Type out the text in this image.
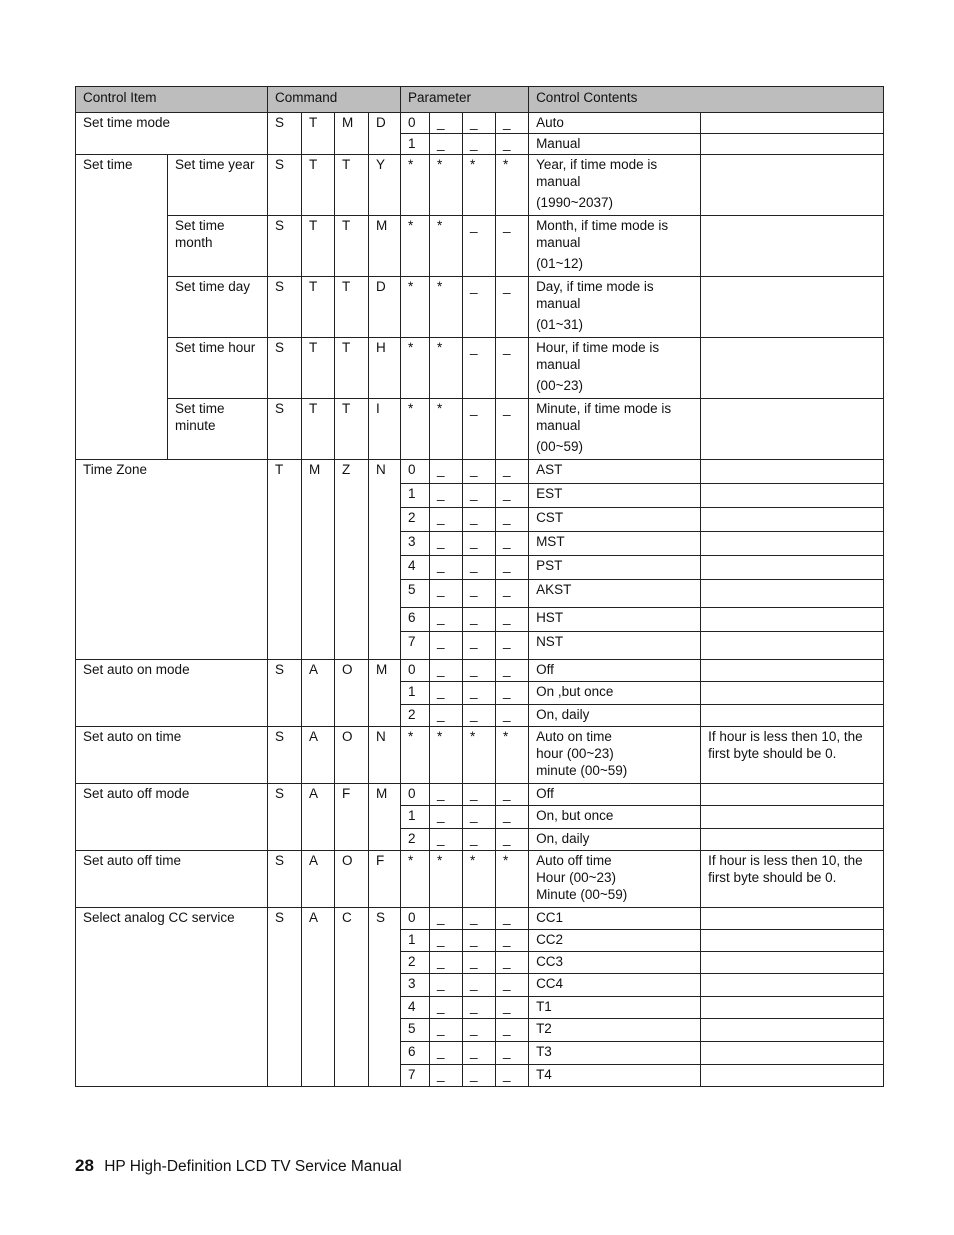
Control Item		Command				Parameter				Control Contents	
Set time mode		S	T	M	D	0	_	_	_	Auto	
						1	_	_	_	Manual	
Set time	Set time year	S	T	T	Y	*	*	*	*	Year, if time mode is
manual
(1990~2037)	

	Set time month	S	T	T	M	*	*	_	_	Month, if time mode is
manual
(01~12)	

	Set time day	S	T	T	D	*	*	_	_	Day, if time mode is
manual
(01~31)	

	Set time hour	S	T	T	H	*	*	_	_	Hour, if time mode is
manual
(00~23)	

	Set time minute	S	T	T	I	*	*	_	_	Minute, if time mode is
manual
(00~59)	

Time Zone		T	M	Z	N	0	_	_	_	AST	
						1	_	_	_	EST	
						2	_	_	_	CST	
						3	_	_	_	MST	
						4	_	_	_	PST	
						5	_	_	_	AKST	
						6	_	_	_	HST	
						7	_	_	_	NST	
Set auto on mode		S	A	O	M	0	_	_	_	Off	
						1	_	_	_	On ,but once	
						2	_	_	_	On, daily	
Set auto on time		S	A	O	N	*	*	*	*	Auto on time
hour (00~23)
minute (00~59)	If hour is less then 10, the first byte should be 0.
Set auto off mode		S	A	F	M	0	_	_	_	Off	
						1	_	_	_	On, but once	
						2	_	_	_	On, daily	
Set auto off time		S	A	O	F	*	*	*	*	Auto off time
Hour (00~23)
Minute (00~59)	If hour is less then 10, the first byte should be 0.
Select analog CC service		S	A	C	S	0	_	_	_	CC1	
						1	_	_	_	CC2	
						2	_	_	_	CC3	
						3	_	_	_	CC4	
						4	_	_	_	T1	
						5	_	_	_	T2	
						6	_	_	_	T3	
						7	_	_	_	T4	
28 HP High-Definition LCD TV Service Manual
